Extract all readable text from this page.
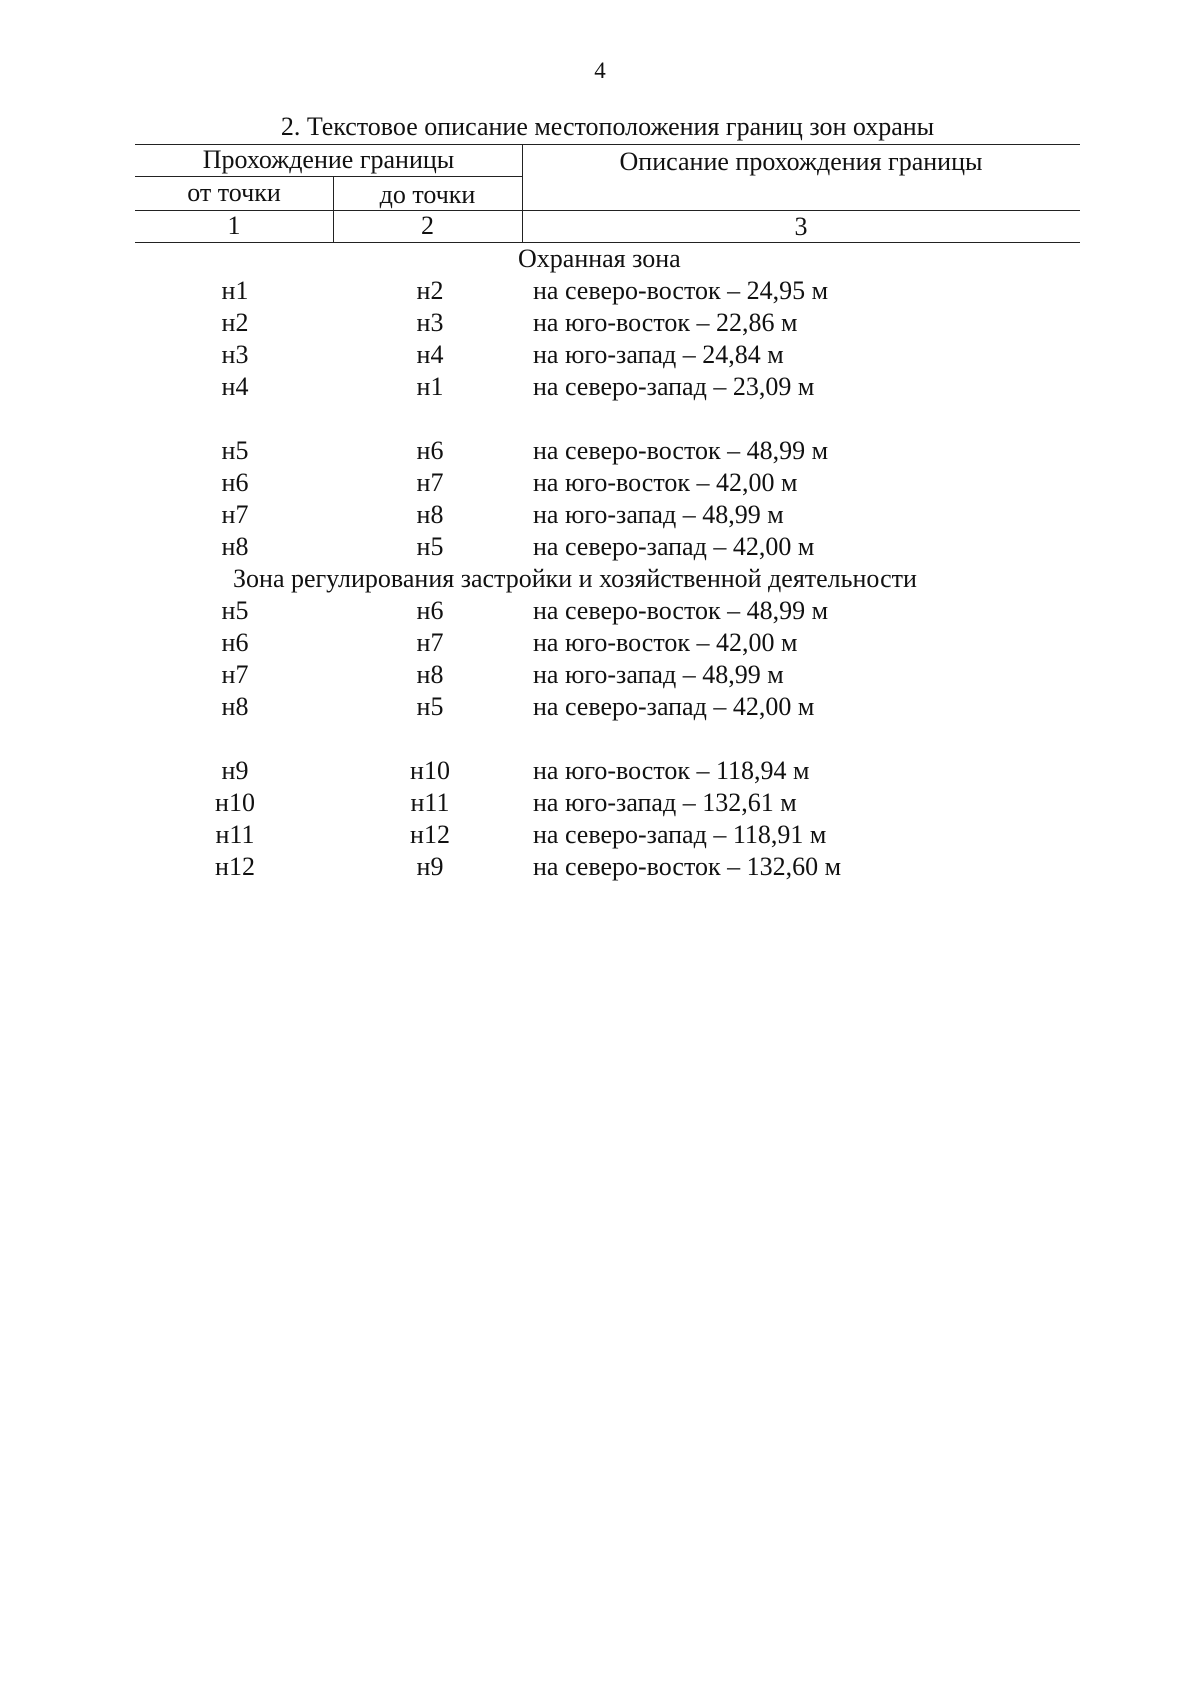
4
2. Текстовое описание местоположения границ зон охраны
Прохождение границы	Описание прохождения границы
от точки	до точки
1	2	3
Охранная зона
н1	н2	на северо-восток – 24,95 м
н2	н3	на юго-восток – 22,86 м
н3	н4	на юго-запад – 24,84 м
н4	н1	на северо-запад – 23,09 м
н5	н6	на северо-восток – 48,99 м
н6	н7	на юго-восток – 42,00 м
н7	н8	на юго-запад – 48,99 м
н8	н5	на северо-запад – 42,00 м
Зона регулирования застройки и хозяйственной деятельности
н5	н6	на северо-восток – 48,99 м
н6	н7	на юго-восток – 42,00 м
н7	н8	на юго-запад – 48,99 м
н8	н5	на северо-запад – 42,00 м
н9	н10	на юго-восток – 118,94 м
н10	н11	на юго-запад – 132,61 м
н11	н12	на северо-запад – 118,91 м
н12	н9	на северо-восток – 132,60 м
